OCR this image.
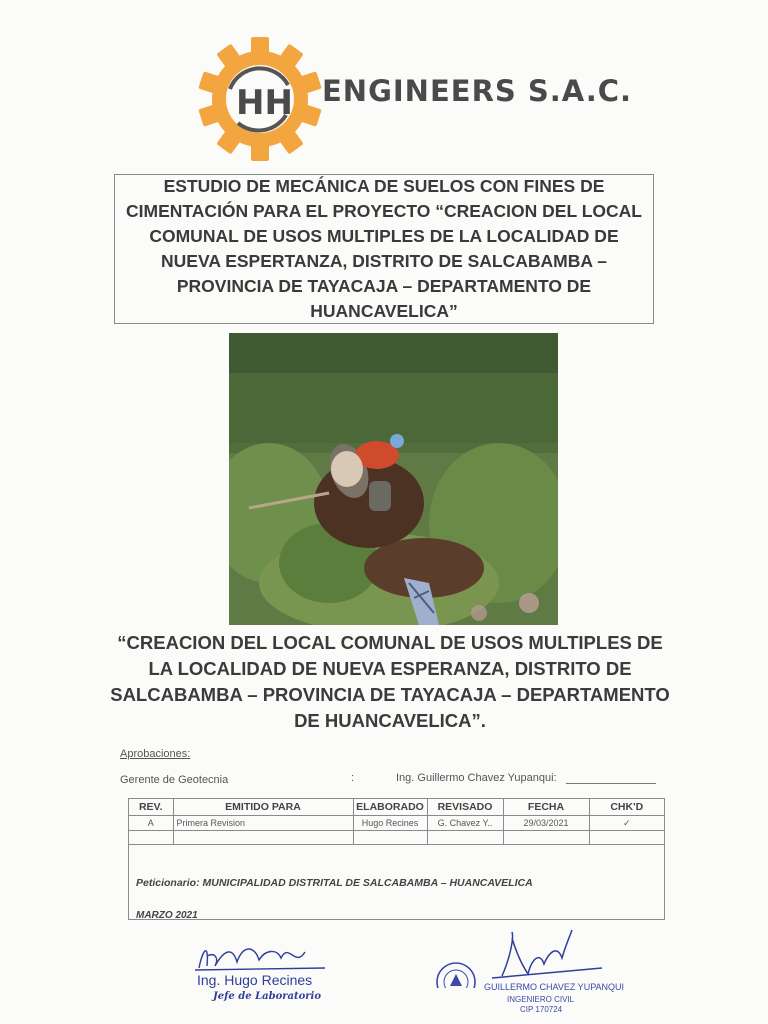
HH ENGINEERS S.A.C.
ESTUDIO DE MECÁNICA DE SUELOS CON FINES DE CIMENTACIÓN PARA EL PROYECTO “CREACION DEL LOCAL COMUNAL DE USOS MULTIPLES DE LA LOCALIDAD DE NUEVA ESPERTANZA, DISTRITO DE SALCABAMBA – PROVINCIA DE TAYACAJA – DEPARTAMENTO DE HUANCAVELICA”
“CREACION DEL LOCAL COMUNAL DE USOS MULTIPLES DE LA LOCALIDAD DE NUEVA ESPERANZA, DISTRITO DE SALCABAMBA – PROVINCIA DE TAYACAJA – DEPARTAMENTO DE HUANCAVELICA”.
Aprobaciones:
Gerente de Geotecnia	:	Ing. Guillermo Chavez Yupanqui:
REV.	EMITIDO PARA	ELABORADO	REVISADO	FECHA	CHK'D
A	Primera Revision	Hugo Recines	G. Chavez Y..	29/03/2021	✓

Peticionario: MUNICIPALIDAD DISTRITAL DE SALCABAMBA – HUANCAVELICA
MARZO 2021
Ing. Hugo Recines
Jefe de Laboratorio
GUILLERMO CHAVEZ YUPANQUI
INGENIERO CIVIL
CIP 170724
